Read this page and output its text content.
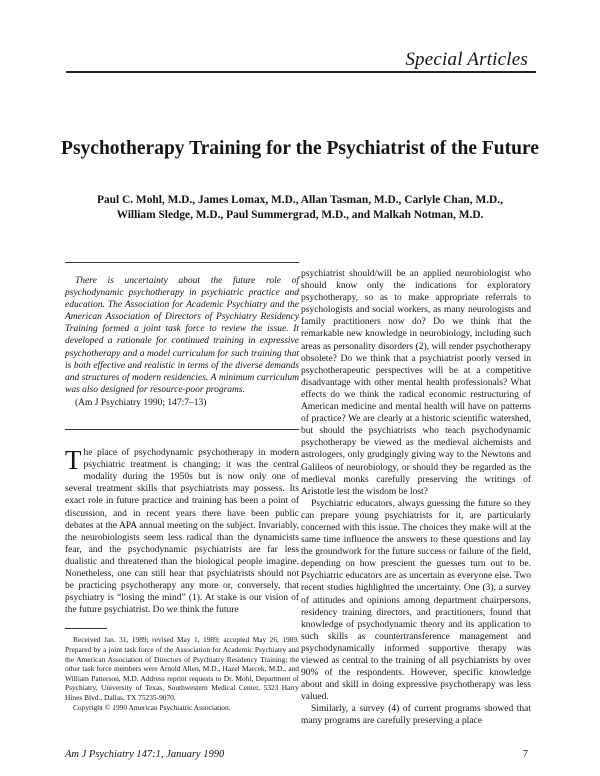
Special Articles
Psychotherapy Training for the Psychiatrist of the Future
Paul C. Mohl, M.D., James Lomax, M.D., Allan Tasman, M.D., Carlyle Chan, M.D.,
William Sledge, M.D., Paul Summergrad, M.D., and Malkah Notman, M.D.

There is uncertainty about the future role of psychodynamic psychotherapy in psychiatric practice and education. The Association for Academic Psychiatry and the American Association of Directors of Psychiatry Residency Training formed a joint task force to review the issue. It developed a rationale for continued training in expressive psychotherapy and a model curriculum for such training that is both effective and realistic in terms of the diverse demands and structures of modern residencies. A minimum curriculum was also designed for resource-poor programs.

(Am J Psychiatry 1990; 147:7–13)

The place of psychodynamic psychotherapy in modern psychiatric treatment is changing; it was the central modality during the 1950s but is now only one of several treatment skills that psychiatrists may possess. Its exact role in future practice and training has been a point of discussion, and in recent years there have been public debates at the APA annual meeting on the subject. Invariably, the neurobiologists seem less radical than the dynamicists fear, and the psychodynamic psychiatrists are far less dualistic and threatened than the biological people imagine. Nonetheless, one can still hear that psychiatrists should not be practicing psychotherapy any more or, conversely, that psychiatry is “losing the mind” (1). At stake is our vision of the future psychiatrist. Do we think the future

Received Jan. 31, 1989; revised May 1, 1989; accepted May 26, 1989. Prepared by a joint task force of the Association for Academic Psychiatry and the American Association of Directors of Psychiatry Residency Training; the other task force members were Arnold Allen, M.D., Hazel Marcek, M.D., and William Patterson, M.D. Address reprint requests to Dr. Mohl, Department of Psychiatry, University of Texas, Southwestern Medical Center, 5323 Harry Hines Blvd., Dallas, TX 75235-9070.

Copyright © 1990 American Psychiatric Association.

psychiatrist should/will be an applied neurobiologist who should know only the indications for exploratory psychotherapy, so as to make appropriate referrals to psychologists and social workers, as many neurologists and family practitioners now do? Do we think that the remarkable new knowledge in neurobiology, including such areas as personality disorders (2), will render psychotherapy obsolete? Do we think that a psychiatrist poorly versed in psychotherapeutic perspectives will be at a competitive disadvantage with other mental health professionals? What effects do we think the radical economic restructuring of American medicine and mental health will have on patterns of practice? We are clearly at a historic scientific watershed, but should the psychiatrists who teach psychodynamic psychotherapy be viewed as the medieval alchemists and astrologers, only grudgingly giving way to the Newtons and Galileos of neurobiology, or should they be regarded as the medieval monks carefully preserving the writings of Aristotle lest the wisdom be lost?

Psychiatric educators, always guessing the future so they can prepare young psychiatrists for it, are particularly concerned with this issue. The choices they make will at the same time influence the answers to these questions and lay the groundwork for the future success or failure of the field, depending on how prescient the guesses turn out to be. Psychiatric educators are as uncertain as everyone else. Two recent studies highlighted the uncertainty. One (3), a survey of attitudes and opinions among department chairpersons, residency training directors, and practitioners, found that knowledge of psychodynamic theory and its application to such skills as countertransference management and psychodynamically informed supportive therapy was viewed as central to the training of all psychiatrists by over 90% of the respondents. However, specific knowledge about and skill in doing expressive psychotherapy was less valued.

Similarly, a survey (4) of current programs showed that many programs are carefully preserving a place

Am J Psychiatry 147:1, January 1990	7
